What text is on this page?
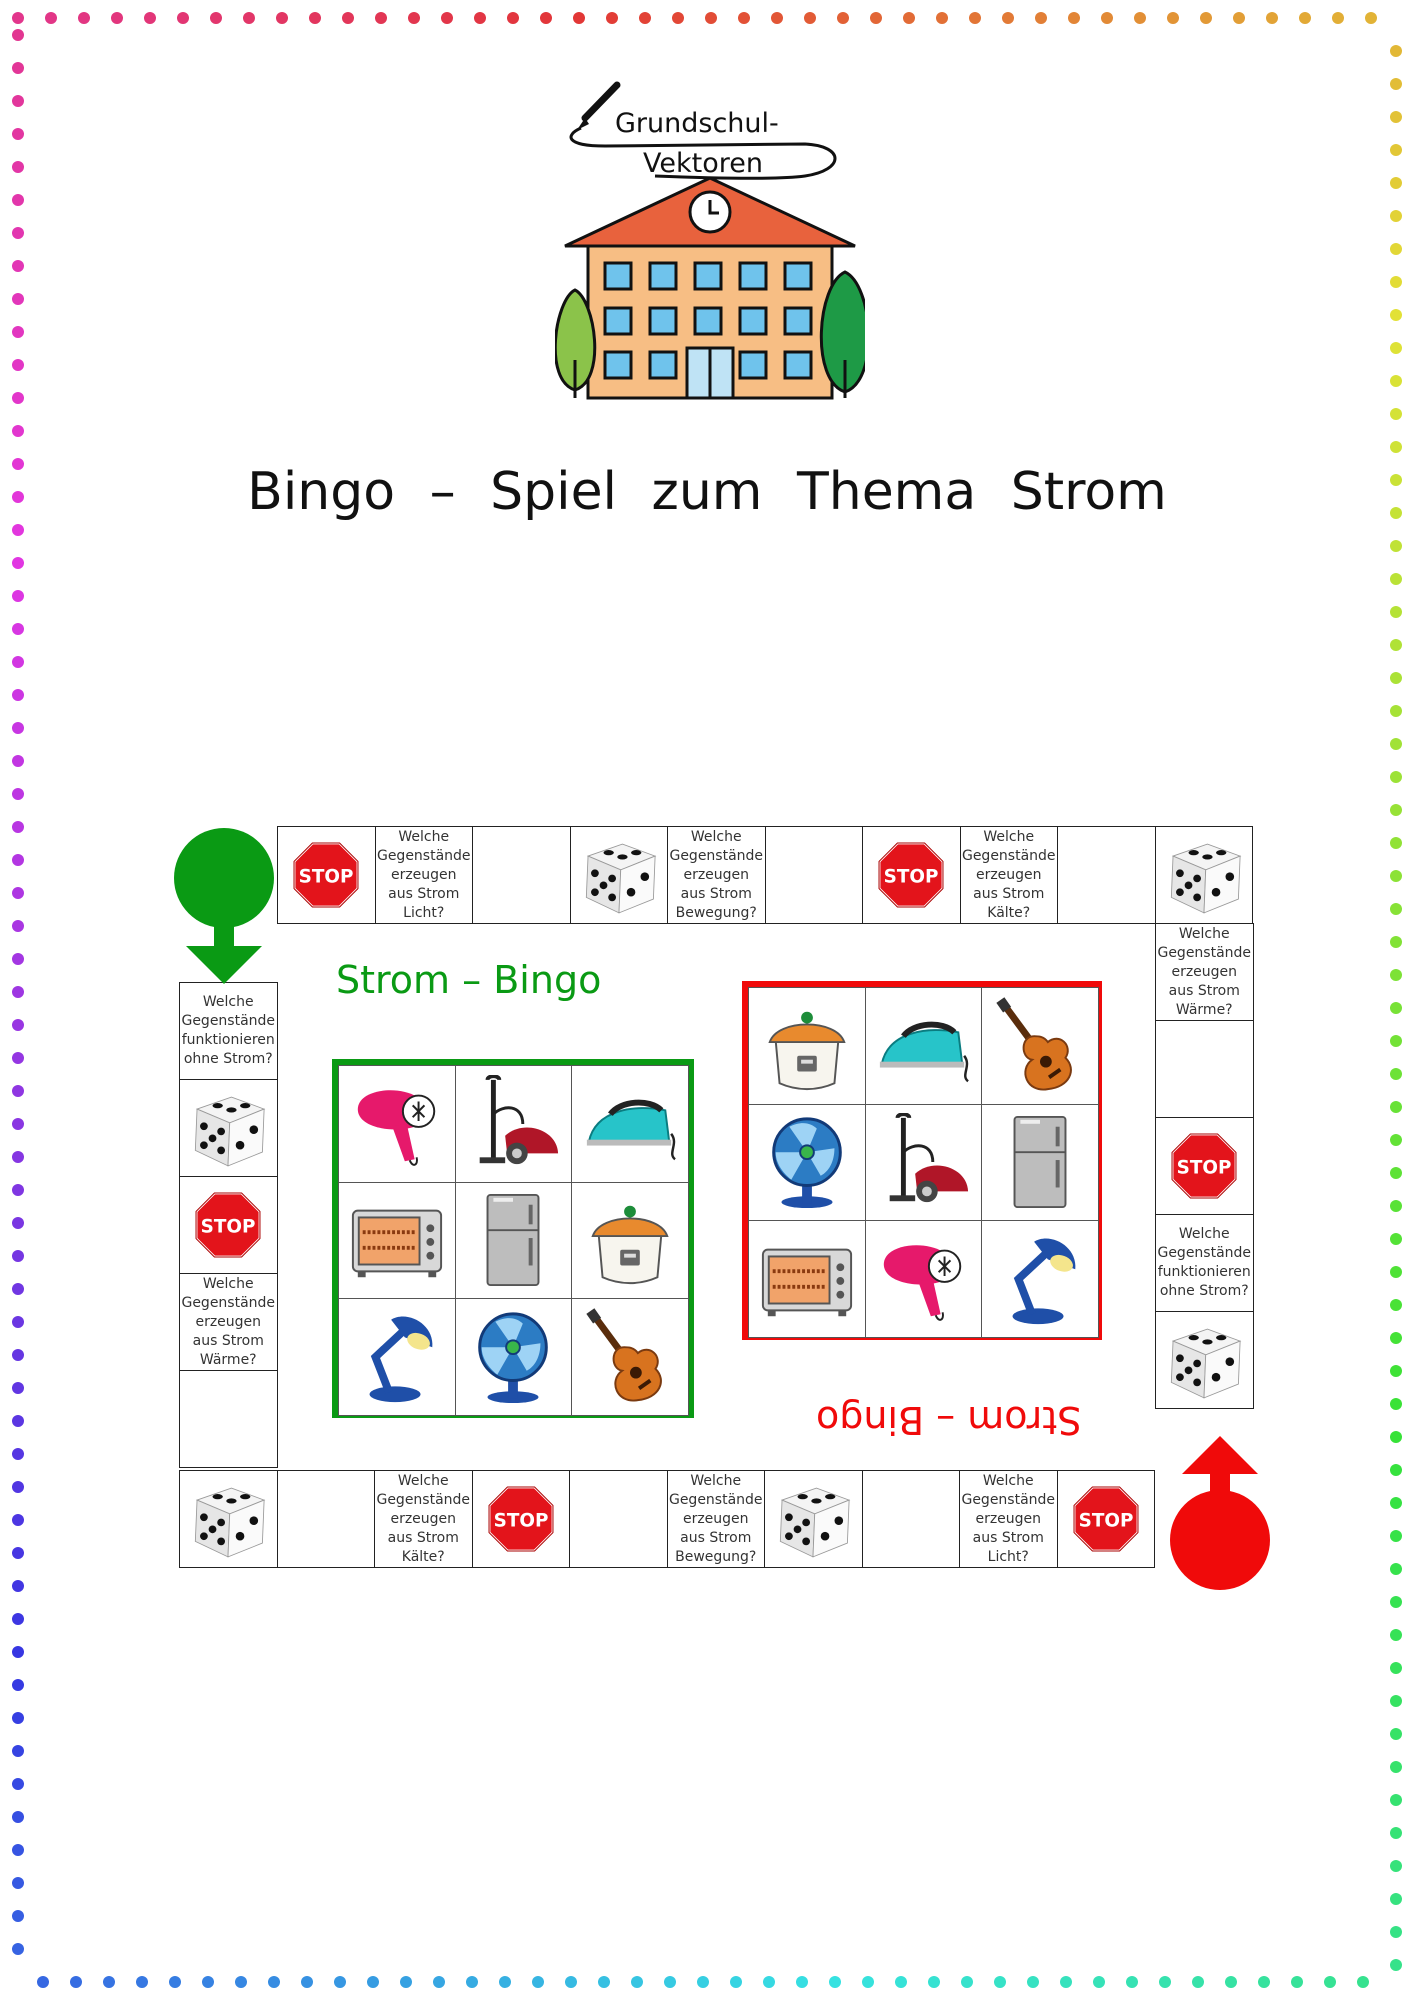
Grundschul-
Vektoren
Bingo – Spiel zum Thema Strom
STOP
Welche Gegenstände erzeugen aus Strom Licht?
Welche Gegenstände erzeugen aus Strom Bewegung?
STOP
Welche Gegenstände erzeugen aus Strom Kälte?
Welche Gegenstände erzeugen aus Strom Wärme?
STOP
Welche Gegenstände funktionieren ohne Strom?
Welche Gegenstände funktionieren ohne Strom?
STOP
Welche Gegenstände erzeugen aus Strom Wärme?
Welche Gegenstände erzeugen aus Strom Kälte?
STOP
Welche Gegenstände erzeugen aus Strom Bewegung?
Welche Gegenstände erzeugen aus Strom Licht?
STOP
Strom – Bingo
Strom – Bingo
